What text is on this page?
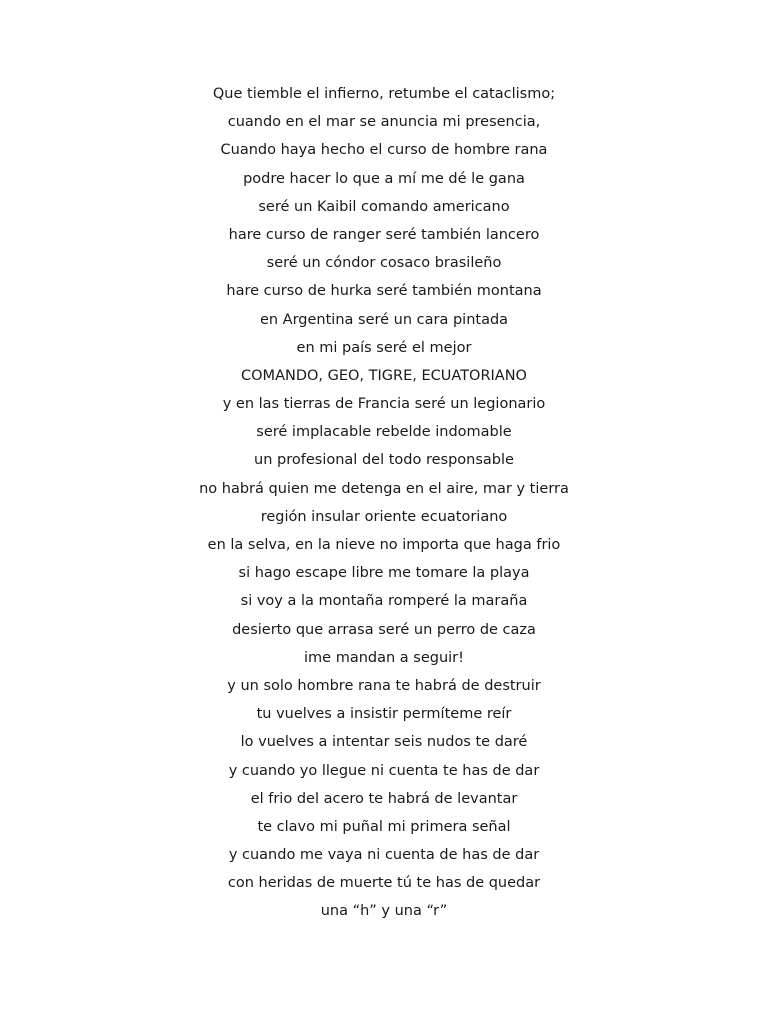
Que tiemble el infierno, retumbe el cataclismo;
cuando en el mar se anuncia mi presencia,
Cuando haya hecho el curso de hombre rana
podre hacer lo que a mí me dé le gana
seré un Kaibil comando americano
hare curso de ranger seré también lancero
seré un cóndor cosaco brasileño
hare curso de hurka seré también montana
en Argentina seré un cara pintada
en mi país seré el mejor
COMANDO, GEO, TIGRE, ECUATORIANO
y en las tierras de Francia seré un legionario
seré implacable rebelde indomable
un profesional del todo responsable
no habrá quien me detenga en el aire, mar y tierra
región insular oriente ecuatoriano
en la selva, en la nieve no importa que haga frio
si hago escape libre me tomare la playa
si voy a la montaña romperé la maraña
desierto que arrasa seré un perro de caza
ime mandan a seguir!
y un solo hombre rana te habrá de destruir
tu vuelves a insistir permíteme reír
lo vuelves a intentar seis nudos te daré
y cuando yo llegue ni cuenta te has de dar
el frio del acero te habrá de levantar
te clavo mi puñal mi primera señal
y cuando me vaya ni cuenta de has de dar
con heridas de muerte tú te has de quedar
una “h” y una “r”
